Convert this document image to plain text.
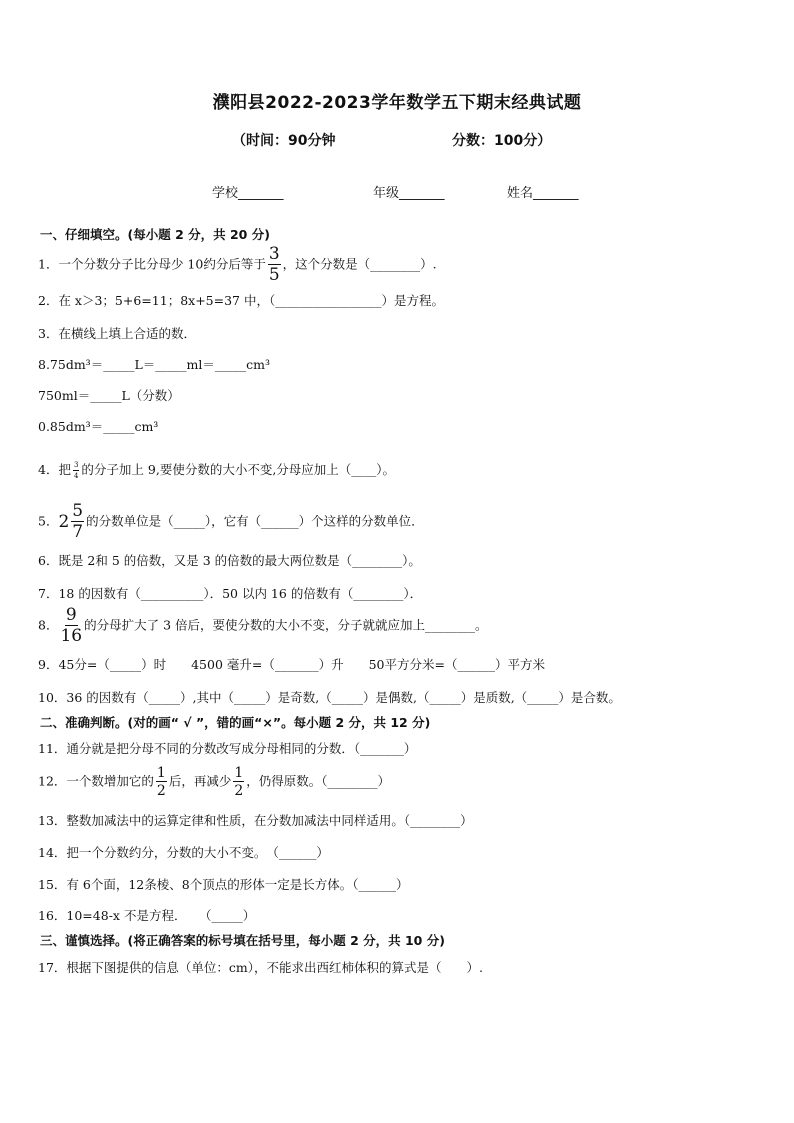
濮阳县2022-2023学年数学五下期末经典试题
（时间：90分钟	分数：100分）
学校_______	年级_______	姓名_______
一、仔细填空。(每小题 2 分，共 20 分)
1．一个分数分子比分母少 10约分后等于 $\frac{3}{5}$ ，这个分数是（________）.
2．在 x＞3；5+6=11；8x+5=37 中，（_________________）是方程。
3．在横线上填上合适的数．
8.75dm³＝_____L＝_____ml＝_____cm³
750ml＝_____L（分数）
0.85dm³＝_____cm³
4．把 $\frac{3}{4}$ 的分子加上 9,要使分数的大小不变,分母应加上（____）。
5．$2 \frac{5}{7}$ 的分数单位是（_____），它有（______）个这样的分数单位．
6．既是 2和 5 的倍数，又是 3 的倍数的最大两位数是（________）。
7．18 的因数有（__________）．50 以内 16 的倍数有（________）．
8． $\frac{9}{16}$ 的分母扩大了 3 倍后，要使分数的大小不变，分子就就应加上________。
9．45分=（_____）时　　4500 毫升=（_______）升　　50平方分米=（______）平方米
10．36 的因数有（_____）,其中（_____）是奇数,（_____）是偶数,（_____）是质数,（_____）是合数。
二、准确判断。(对的画“ √ ”，错的画“×”。每小题 2 分，共 12 分)
11．通分就是把分母不同的分数改写成分母相同的分数．（_______）
12．一个数增加它的 $\frac{1}{2}$ 后，再减少 $\frac{1}{2}$ ，仍得原数。（________）
13．整数加减法中的运算定律和性质，在分数加减法中同样适用。（________）
14．把一个分数约分，分数的大小不变。　（______）
15．有 6个面，12条棱、8个顶点的形体一定是长方体。（______）
16．10=48-x 不是方程．　　（_____）
三、谨慎选择。(将正确答案的标号填在括号里，每小题 2 分，共 10 分)
17．根据下图提供的信息（单位：cm），不能求出西红柿体积的算式是（　　）.
